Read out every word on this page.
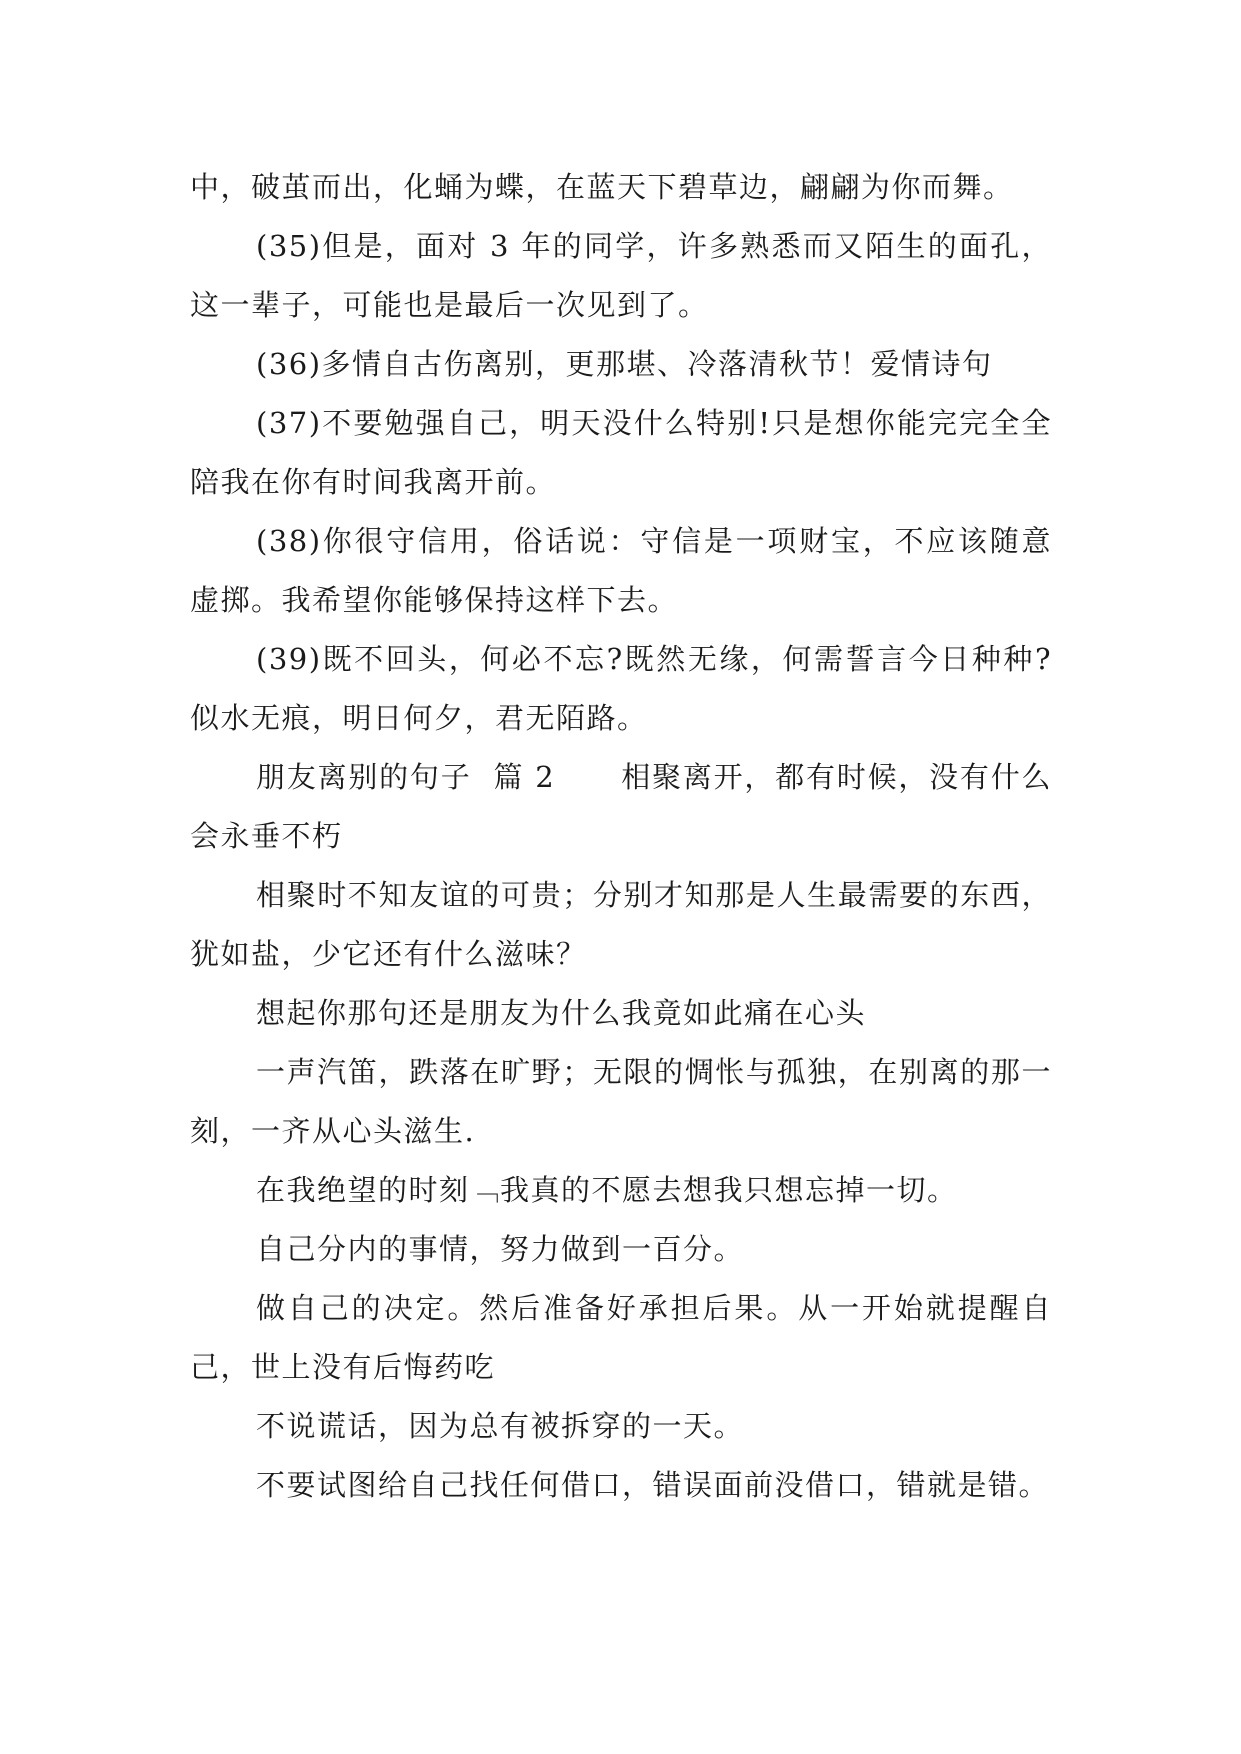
中，破茧而出，化蛹为蝶，在蓝天下碧草边，翩翩为你而舞。

(35)但是，面对 3 年的同学，许多熟悉而又陌生的面孔，这一辈子，可能也是最后一次见到了。

(36)多情自古伤离别，更那堪、冷落清秋节！爱情诗句

(37)不要勉强自己，明天没什么特别!只是想你能完完全全陪我在你有时间我离开前。

(38)你很守信用，俗话说：守信是一项财宝，不应该随意虚掷。我希望你能够保持这样下去。

(39)既不回头，何必不忘?既然无缘，何需誓言今日种种?似水无痕，明日何夕，君无陌路。

朋友离别的句子  篇 2      相聚离开，都有时候，没有什么会永垂不朽

相聚时不知友谊的可贵；分别才知那是人生最需要的东西，犹如盐，少它还有什么滋味？

想起你那句还是朋友为什么我竟如此痛在心头

一声汽笛，跌落在旷野；无限的惆怅与孤独，在别离的那一刻，一齐从心头滋生.

在我绝望的时刻﹁我真的不愿去想我只想忘掉一切。

自己分内的事情，努力做到一百分。

做自己的决定。然后准备好承担后果。从一开始就提醒自己，世上没有后悔药吃

不说谎话，因为总有被拆穿的一天。

不要试图给自己找任何借口，错误面前没借口，错就是错。
